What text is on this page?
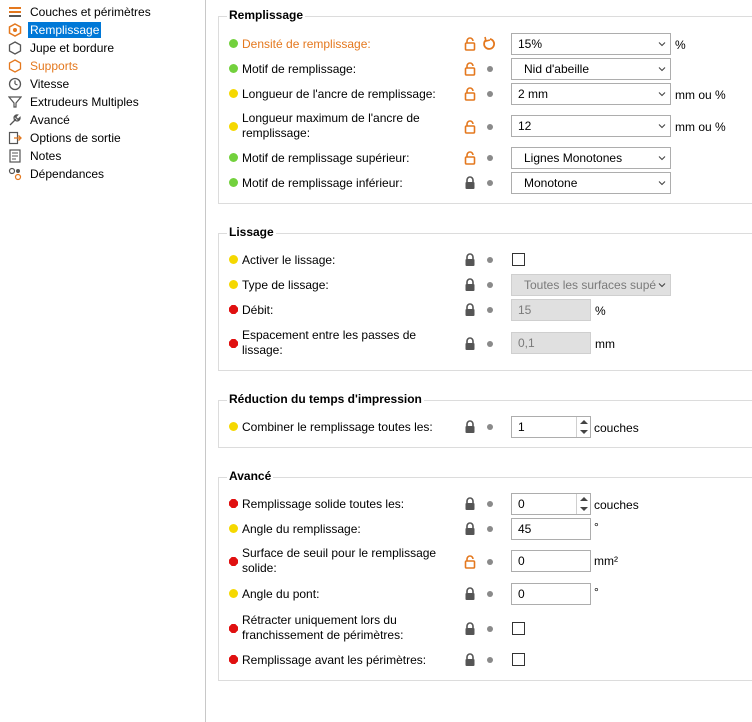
Couches et périmètres
Remplissage
Jupe et bordure
Supports
Vitesse
Extrudeurs Multiples
Avancé
Options de sortie
Notes
Dépendances
Remplissage
Densité de remplissage:	15%	%
Motif de remplissage:	Nid d'abeille
Longueur de l'ancre de remplissage:	2 mm	mm ou %
Longueur maximum de l'ancre de
remplissage:	12	mm ou %
Motif de remplissage supérieur:	Lignes Monotones
Motif de remplissage inférieur:	Monotone
Lissage
Activer le lissage:
Type de lissage:	Toutes les surfaces supé
Débit:	15	%
Espacement entre les passes de
lissage:	0,1	mm
Réduction du temps d'impression
Combiner le remplissage toutes les:	1	couches
Avancé
Remplissage solide toutes les:	0	couches
Angle du remplissage:	45	°
Surface de seuil pour le remplissage
solide:	0	mm²
Angle du pont:	0	°
Rétracter uniquement lors du
franchissement de périmètres:
Remplissage avant les périmètres:
